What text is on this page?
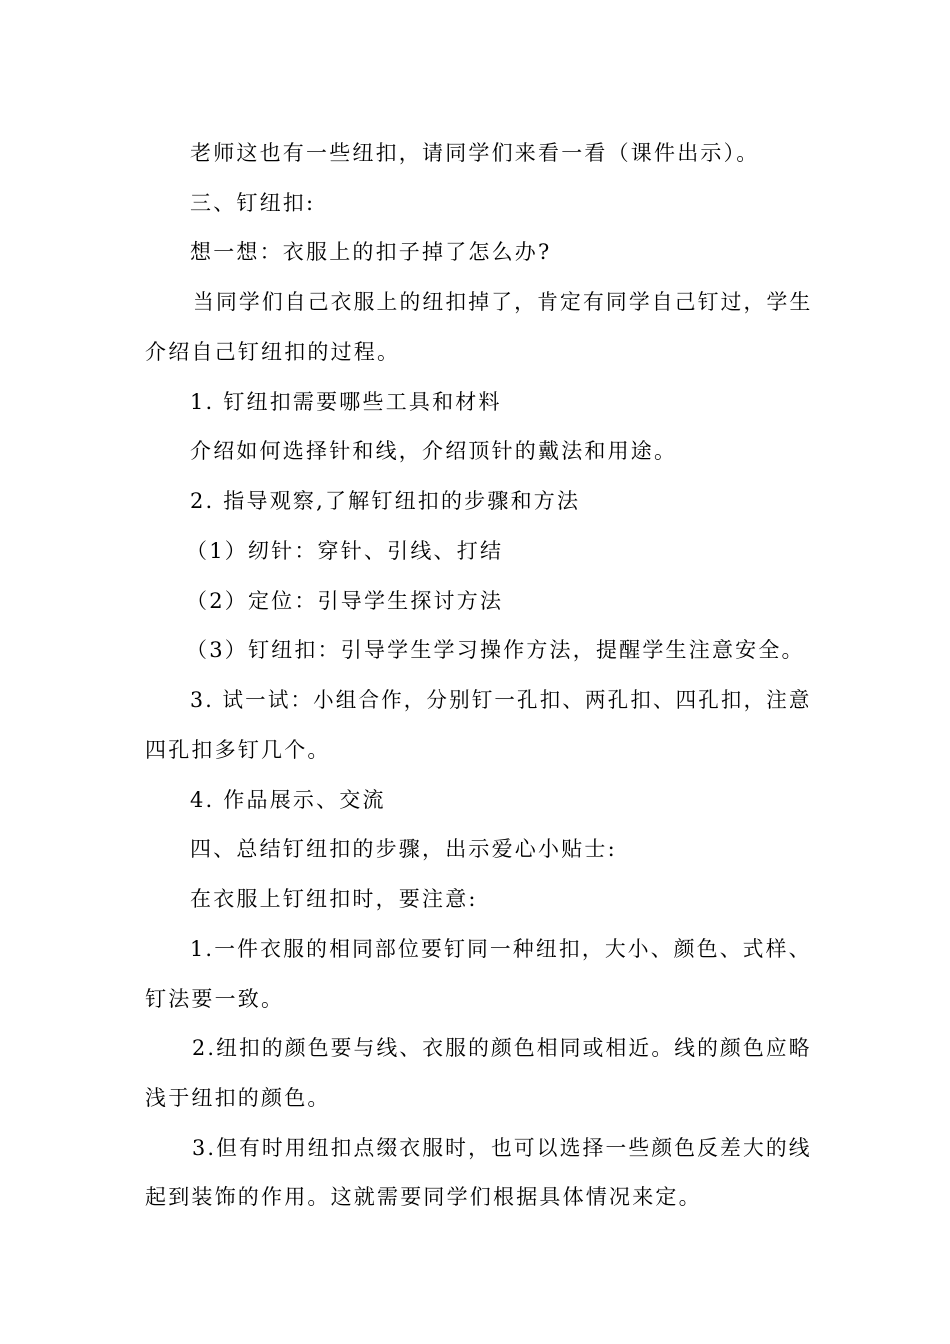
老师这也有一些纽扣，请同学们来看一看（课件出示）。
三、钉纽扣:
想一想：衣服上的扣子掉了怎么办?
当同学们自己衣服上的纽扣掉了，肯定有同学自己钉过，学生
介绍自己钉纽扣的过程。
1. 钉纽扣需要哪些工具和材料
介绍如何选择针和线，介绍顶针的戴法和用途。
2. 指导观察,了解钉纽扣的步骤和方法
（1）纫针：穿针、引线、打结
（2）定位：引导学生探讨方法
（3）钉纽扣：引导学生学习操作方法，提醒学生注意安全。
3. 试一试：小组合作，分别钉一孔扣、两孔扣、四孔扣，注意
四孔扣多钉几个。
4. 作品展示、交流
四、总结钉纽扣的步骤，出示爱心小贴士:
在衣服上钉纽扣时，要注意:
1.一件衣服的相同部位要钉同一种纽扣，大小、颜色、式样、
钉法要一致。
2.纽扣的颜色要与线、衣服的颜色相同或相近。线的颜色应略
浅于纽扣的颜色。
3.但有时用纽扣点缀衣服时，也可以选择一些颜色反差大的线
起到装饰的作用。这就需要同学们根据具体情况来定。
